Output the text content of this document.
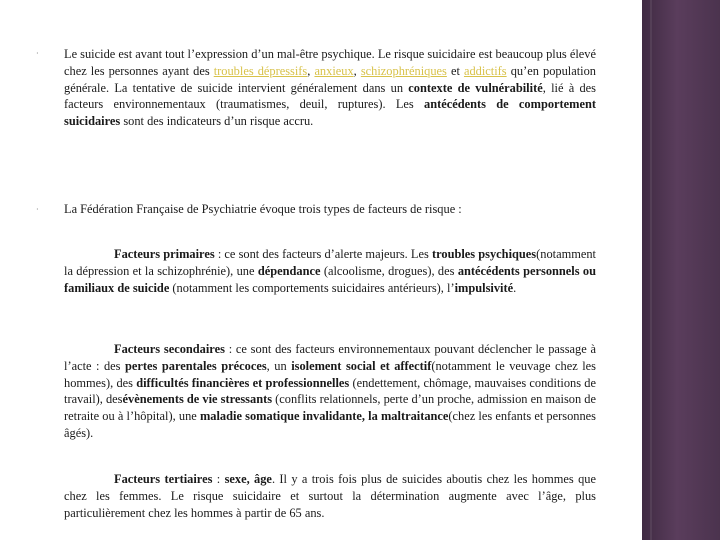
· Le suicide est avant tout l’expression d’un mal-être psychique. Le risque suicidaire est beaucoup plus élevé chez les personnes ayant des troubles dépressifs, anxieux, schizophréniques et addictifs qu’en population générale. La tentative de suicide intervient généralement dans un contexte de vulnérabilité, lié à des facteurs environnementaux (traumatismes, deuil, ruptures). Les antécédents de comportement suicidaires sont des indicateurs d’un risque accru.
· La Fédération Française de Psychiatrie évoque trois types de facteurs de risque :
Facteurs primaires : ce sont des facteurs d’alerte majeurs. Les troubles psychiques(notamment la dépression et la schizophrénie), une dépendance (alcoolisme, drogues), des antécédents personnels ou familiaux de suicide (notamment les comportements suicidaires antérieurs), l’impulsivité.
Facteurs secondaires : ce sont des facteurs environnementaux pouvant déclencher le passage à l’acte : des pertes parentales précoces, un isolement social et affectif(notamment le veuvage chez les hommes), des difficultés financières et professionnelles (endettement, chômage, mauvaises conditions de travail), desévènements de vie stressants (conflits relationnels, perte d’un proche, admission en maison de retraite ou à l’hôpital), une maladie somatique invalidante, la maltraitance(chez les enfants et personnes âgés).
Facteurs tertiaires : sexe, âge. Il y a trois fois plus de suicides aboutis chez les hommes que chez les femmes. Le risque suicidaire et surtout la détermination augmente avec l’âge, plus particulièrement chez les hommes à partir de 65 ans.
